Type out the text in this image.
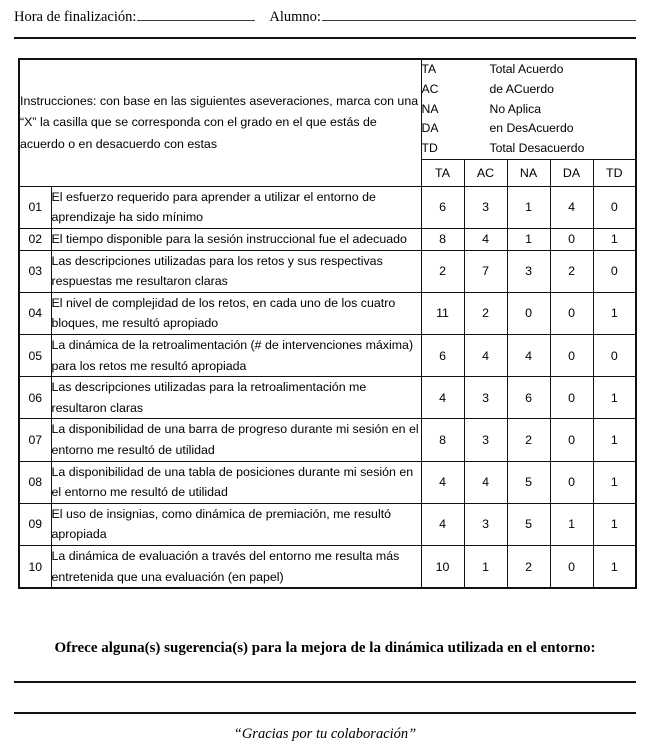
Hora de finalización:	Alumno:
Instrucciones: con base en las siguientes aseveraciones, marca con una “X” la casilla que se corresponda con el grado en el que estás de acuerdo o en desacuerdo con estas	
TA	Total Acuerdo
AC	de ACuerdo
NA	No Aplica
DA	en DesAcuerdo
TD	Total Desacuerdo

		TA	AC	NA	DA	TD
01	El esfuerzo requerido para aprender a utilizar el entorno de aprendizaje ha sido mínimo	6	3	1	4	0
02	El tiempo disponible para la sesión instruccional fue el adecuado	8	4	1	0	1
03	Las descripciones utilizadas para los retos y sus respectivas respuestas me resultaron claras	2	7	3	2	0
04	El nivel de complejidad de los retos, en cada uno de los cuatro bloques, me resultó apropiado	11	2	0	0	1
05	La dinámica de la retroalimentación (# de intervenciones máxima) para los retos me resultó apropiada	6	4	4	0	0
06	Las descripciones utilizadas para la retroalimentación me resultaron claras	4	3	6	0	1
07	La disponibilidad de una barra de progreso durante mi sesión en el entorno me resultó de utilidad	8	3	2	0	1
08	La disponibilidad de una tabla de posiciones durante mi sesión en el entorno me resultó de utilidad	4	4	5	0	1
09	El uso de insignias, como dinámica de premiación, me resultó apropiada	4	3	5	1	1
10	La dinámica de evaluación a través del entorno me resulta más entretenida que una evaluación (en papel)	10	1	2	0	1
Ofrece alguna(s) sugerencia(s) para la mejora de la dinámica utilizada en el entorno:
“Gracias por tu colaboración”
